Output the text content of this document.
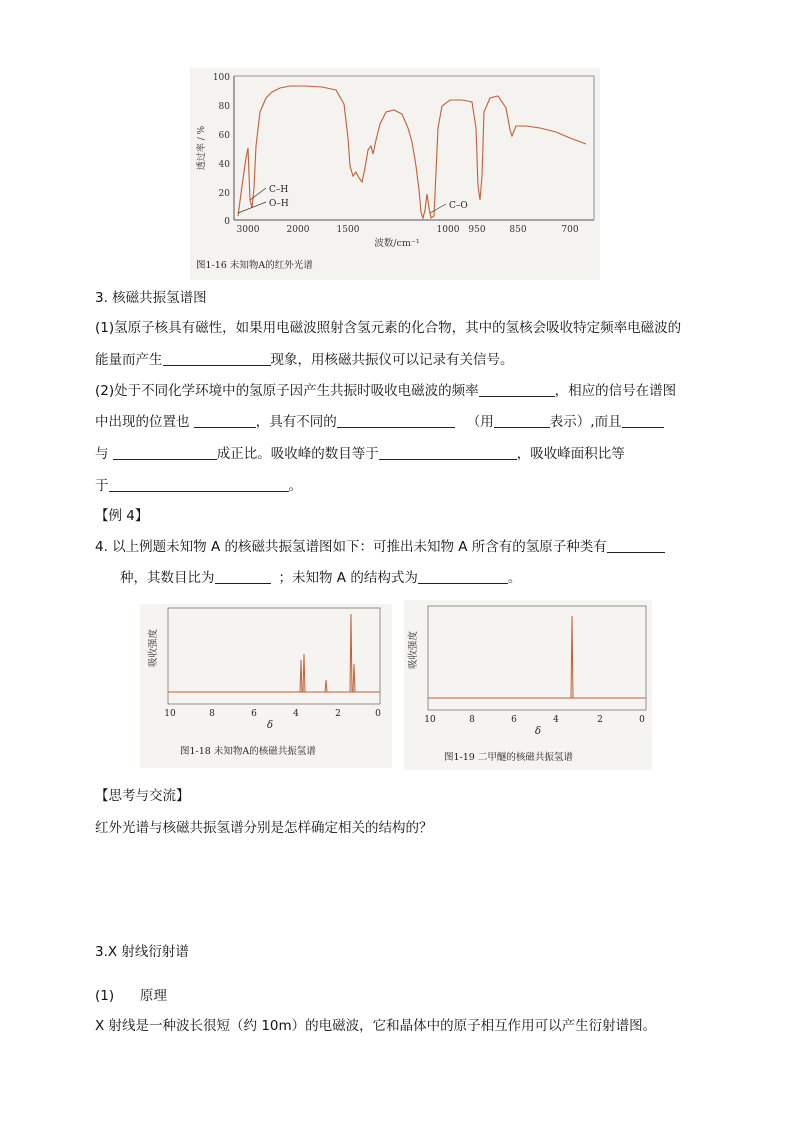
100
80
60
40
20
0
透过率 / %
3000	2000	1500	1000 950	850	700
波数/cm⁻¹
C–H
O–H	C–O
图1-16 未知物A的红外光谱
3. 核磁共振氢谱图
(1)氢原子核具有磁性，如果用电磁波照射含氢元素的化合物，其中的氢核会吸收特定频率电磁波的
能量而产生	现象，用核磁共振仪可以记录有关信号。
(2)处于不同化学环境中的氢原子因产生共振时吸收电磁波的频率	，相应的信号在谱图
中出现的位置也	，具有不同的	（用	表示）,而且
与	成正比。吸收峰的数目等于	，吸收峰面积比等
于	。
【例 4】
4. 以上例题未知物 A 的核磁共振氢谱图如下：可推出未知物 A 所含有的氢原子种类有
种，其数目比为	；未知物 A 的结构式为	。
吸收强度
10	8	6	4	2	0
δ
图1-18 未知物A的核磁共振氢谱
吸收强度
10	8	6	4	2	0
δ
图1-19 二甲醚的核磁共振氢谱
【思考与交流】
红外光谱与核磁共振氢谱分别是怎样确定相关的结构的？
3.X 射线衍射谱
(1)      原理
X 射线是一种波长很短（约 10m）的电磁波，它和晶体中的原子相互作用可以产生衍射谱图。
